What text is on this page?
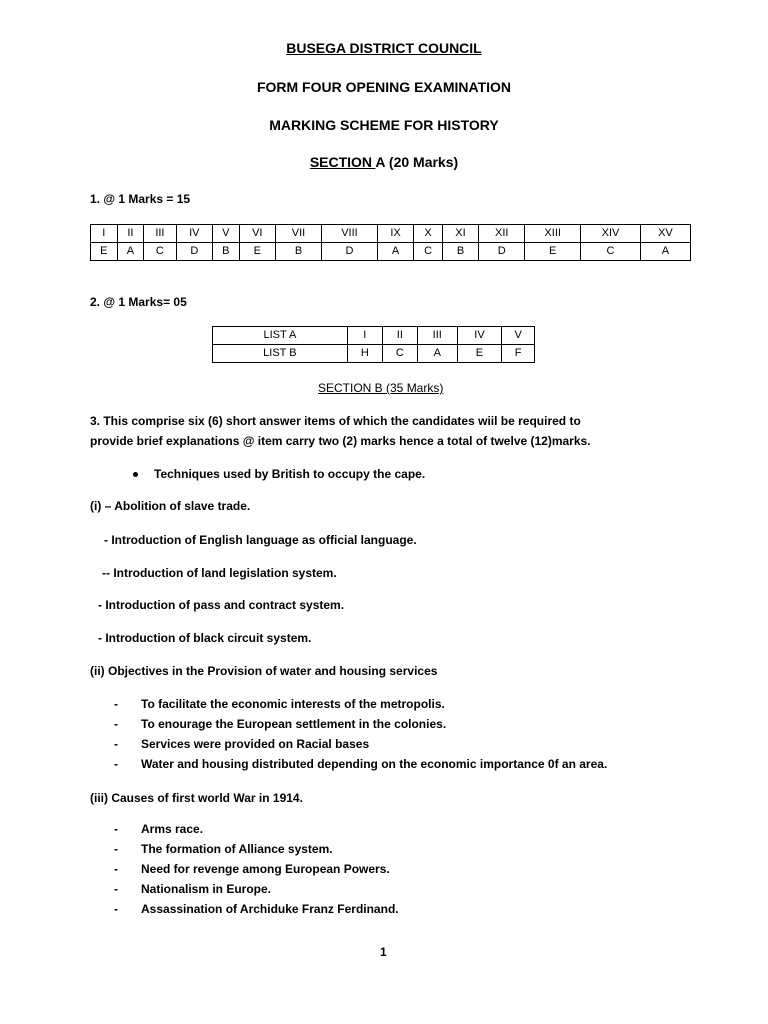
BUSEGA DISTRICT COUNCIL
FORM FOUR OPENING EXAMINATION
MARKING SCHEME FOR HISTORY
SECTION A (20 Marks)
1. @ 1 Marks = 15
I	II	III	IV	V	VI	VII	VIII	IX	X	XI	XII	XIII	XIV	XV
E	A	C	D	B	E	B	D	A	C	B	D	E	C	A
2. @ 1 Marks= 05
LIST A	I	II	III	IV	V
LIST B	H	C	A	E	F
SECTION B (35 Marks)
3. This comprise six (6) short answer items of which the candidates wiil be required to
provide brief explanations @ item carry two (2) marks hence a total of twelve (12)marks.
Techniques used by British to occupy the cape.
(i) – Abolition of slave trade.
- Introduction of English language as official language.
-- Introduction of land legislation system.
- Introduction of pass and contract system.
- Introduction of black circuit system.
(ii) Objectives in the Provision of water and housing services
- To facilitate the economic interests of the metropolis.
- To enourage the European settlement in the colonies.
- Services were provided on Racial bases
- Water and housing distributed depending on the economic importance 0f an area.
(iii) Causes of first world War in 1914.
- Arms race.
- The formation of Alliance system.
- Need for revenge among European Powers.
- Nationalism in Europe.
- Assassination of Archiduke Franz Ferdinand.
1
